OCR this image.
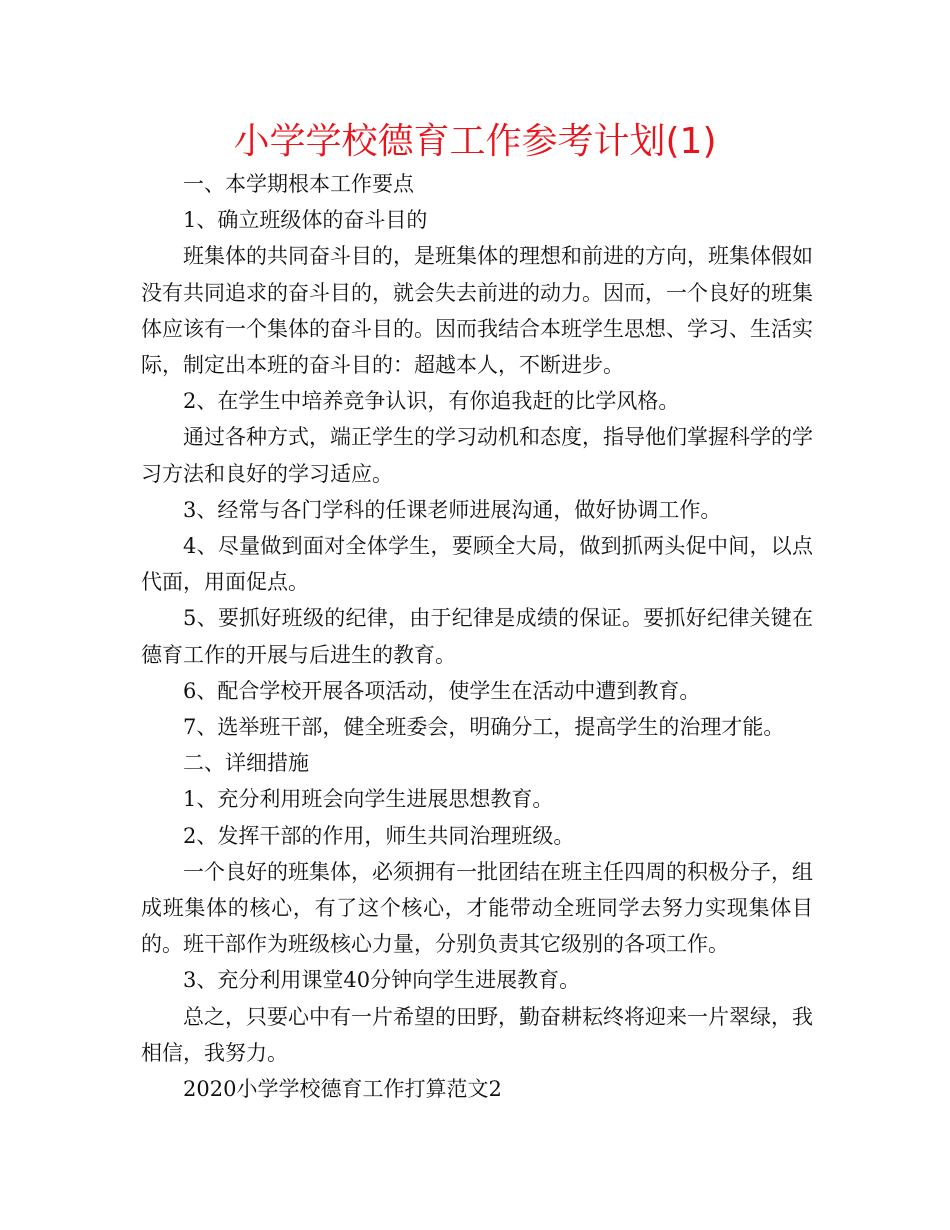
小学学校德育工作参考计划(1)

一、本学期根本工作要点

1、确立班级体的奋斗目的

班集体的共同奋斗目的，是班集体的理想和前进的方向，班集体假如没有共同追求的奋斗目的，就会失去前进的动力。因而，一个良好的班集体应该有一个集体的奋斗目的。因而我结合本班学生思想、学习、生活实际，制定出本班的奋斗目的：超越本人，不断进步。

2、在学生中培养竞争认识，有你追我赶的比学风格。

通过各种方式，端正学生的学习动机和态度，指导他们掌握科学的学习方法和良好的学习适应。

3、经常与各门学科的任课老师进展沟通，做好协调工作。

4、尽量做到面对全体学生，要顾全大局，做到抓两头促中间，以点代面，用面促点。

5、要抓好班级的纪律，由于纪律是成绩的保证。要抓好纪律关键在德育工作的开展与后进生的教育。

6、配合学校开展各项活动，使学生在活动中遭到教育。

7、选举班干部，健全班委会，明确分工，提高学生的治理才能。

二、详细措施

1、充分利用班会向学生进展思想教育。

2、发挥干部的作用，师生共同治理班级。

一个良好的班集体，必须拥有一批团结在班主任四周的积极分子，组成班集体的核心，有了这个核心，才能带动全班同学去努力实现集体目的。班干部作为班级核心力量，分别负责其它级别的各项工作。

3、充分利用课堂40分钟向学生进展教育。

总之，只要心中有一片希望的田野，勤奋耕耘终将迎来一片翠绿，我相信，我努力。

2020小学学校德育工作打算范文2
